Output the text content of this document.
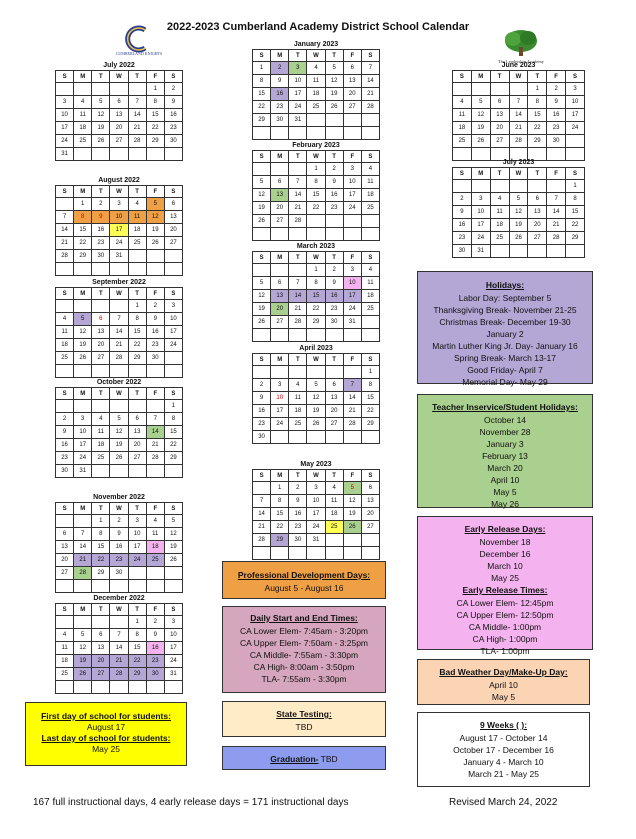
2022-2023 Cumberland Academy District School Calendar
CUMBERLAND KNIGHTS
The Leadership Academy
July 2022
S	M	T	W	T	F	S
					1	2
3	4	5	6	7	8	9
10	11	12	13	14	15	16
17	18	19	20	21	22	23
24	25	26	27	28	29	30
31						
August 2022
S	M	T	W	T	F	S
	1	2	3	4	5	6
7	8	9	10	11	12	13
14	15	16	17	18	19	20
21	22	23	24	25	26	27
28	29	30	31			

September 2022
S	M	T	W	T	F	S
				1	2	3
4	5	6	7	8	9	10
11	12	13	14	15	16	17
18	19	20	21	22	23	24
25	26	27	28	29	30	

October 2022
S	M	T	W	T	F	S
						1
2	3	4	5	6	7	8
9	10	11	12	13	14	15
16	17	18	19	20	21	22
23	24	25	26	27	28	29
30	31					
November 2022
S	M	T	W	T	F	S
		1	2	3	4	5
6	7	8	9	10	11	12
13	14	15	16	17	18	19
20	21	22	23	24	25	26
27	28	29	30			

December 2022
S	M	T	W	T	F	S
				1	2	3
4	5	6	7	8	9	10
11	12	13	14	15	16	17
18	19	20	21	22	23	24
25	26	27	28	29	30	31

January 2023
S	M	T	W	T	F	S
1	2	3	4	5	6	7
8	9	10	11	12	13	14
15	16	17	18	19	20	21
22	23	24	25	26	27	28
29	30	31				

February 2023
S	M	T	W	T	F	S
			1	2	3	4
5	6	7	8	9	10	11
12	13	14	15	16	17	18
19	20	21	22	23	24	25
26	27	28				

March 2023
S	M	T	W	T	F	S
			1	2	3	4
5	6	7	8	9	10	11
12	13	14	15	16	17	18
19	20	21	22	23	24	25
26	27	28	29	30	31	

April 2023
S	M	T	W	T	F	S
						1
2	3	4	5	6	7	8
9	10	11	12	13	14	15
16	17	18	19	20	21	22
23	24	25	26	27	28	29
30						
May 2023
S	M	T	W	T	F	S
	1	2	3	4	5	6
7	8	9	10	11	12	13
14	15	16	17	18	19	20
21	22	23	24	25	26	27
28	29	30	31			

June 2023
S	M	T	W	T	F	S
				1	2	3
4	5	6	7	8	9	10
11	12	13	14	15	16	17
18	19	20	21	22	23	24
25	26	27	28	29	30	

July 2023
S	M	T	W	T	F	S
						1
2	3	4	5	6	7	8
9	10	11	12	13	14	15
16	17	18	19	20	21	22
23	24	25	26	27	28	29
30	31					
Holidays:
Labor Day: September 5
Thanksgiving Break- November 21-25
Christmas Break- December 19-30
January 2
Martin Luther King Jr. Day- January 16
Spring Break- March 13-17
Good Friday- April 7
Memorial Day- May 29
Teacher Inservice/Student Holidays:
October 14
November 28
January 3
February 13
March 20
April 10
May 5
May 26
Early Release Days:
November 18
December 16
March 10
May 25
Early Release Times:
CA Lower Elem- 12:45pm
CA Upper Elem- 12:50pm
CA Middle- 1:00pm
CA High- 1:00pm
TLA- 1:00pm
Bad Weather Day/Make-Up Day:
April 10
May 5
9 Weeks ( ):
August 17 - October 14
October 17 - December 16
January 4 - March 10
March 21 - May 25
Professional Development Days:
August 5 - August 16
Daily Start and End Times:
CA Lower Elem- 7:45am - 3:20pm
CA Upper Elem- 7:50am - 3:25pm
CA Middle- 7:55am - 3:30pm
CA High- 8:00am - 3:50pm
TLA- 7:55am - 3:30pm
State Testing:
TBD
Graduation- TBD
First day of school for students:
August 17
Last day of school for students:
May 25
167 full instructional days, 4 early release days = 171 instructional days	Revised March 24, 2022
